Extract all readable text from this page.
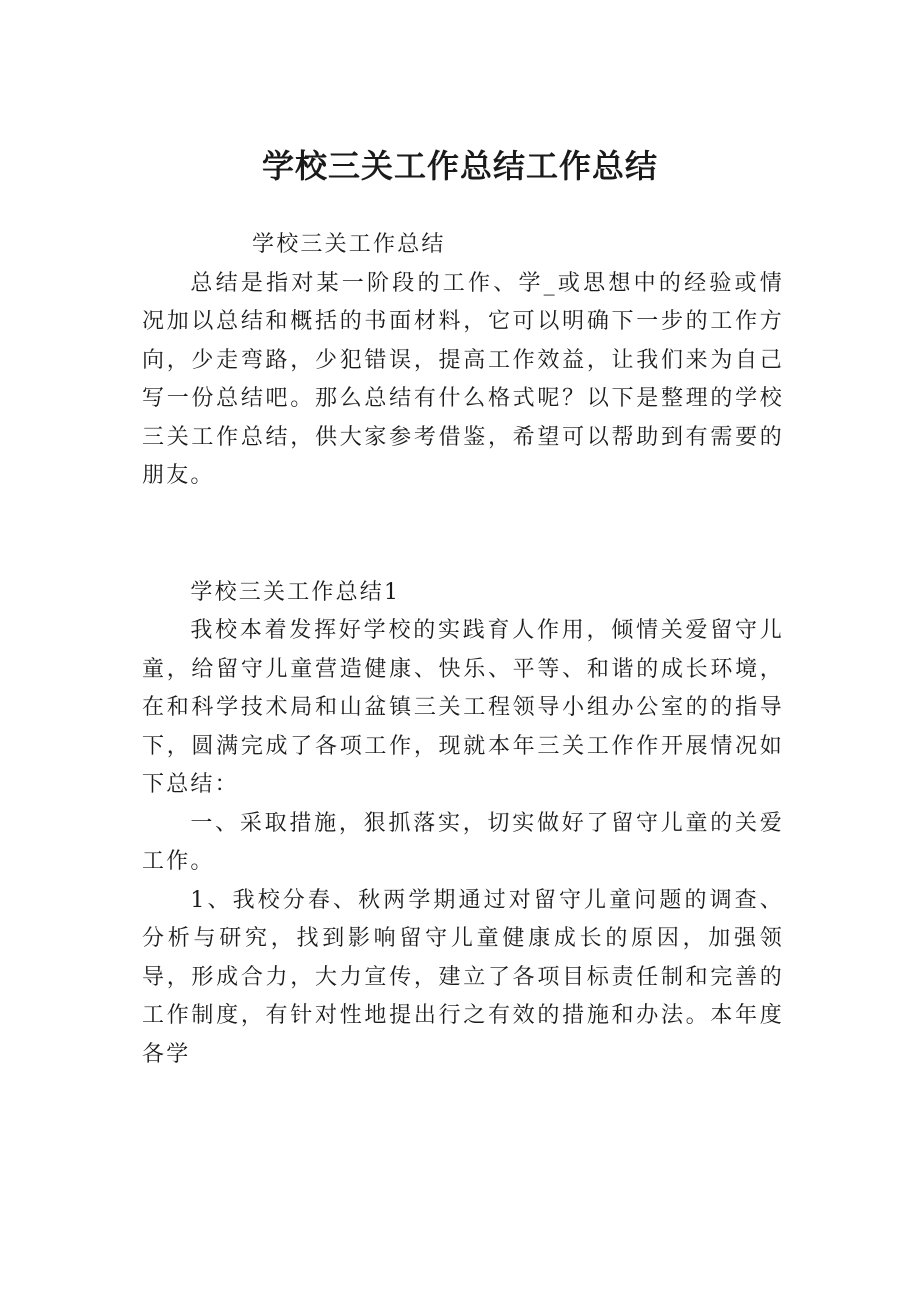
学校三关工作总结工作总结

学校三关工作总结

总结是指对某一阶段的工作、学_或思想中的经验或情况加以总结和概括的书面材料，它可以明确下一步的工作方向，少走弯路，少犯错误，提高工作效益，让我们来为自己写一份总结吧。那么总结有什么格式呢？以下是整理的学校三关工作总结，供大家参考借鉴，希望可以帮助到有需要的朋友。

学校三关工作总结1

我校本着发挥好学校的实践育人作用，倾情关爱留守儿童，给留守儿童营造健康、快乐、平等、和谐的成长环境，在和科学技术局和山盆镇三关工程领导小组办公室的的指导下，圆满完成了各项工作，现就本年三关工作作开展情况如下总结：

一、采取措施，狠抓落实，切实做好了留守儿童的关爱工作。

1、我校分春、秋两学期通过对留守儿童问题的调查、分析与研究，找到影响留守儿童健康成长的原因，加强领导，形成合力，大力宣传，建立了各项目标责任制和完善的工作制度，有针对性地提出行之有效的措施和办法。本年度各学
